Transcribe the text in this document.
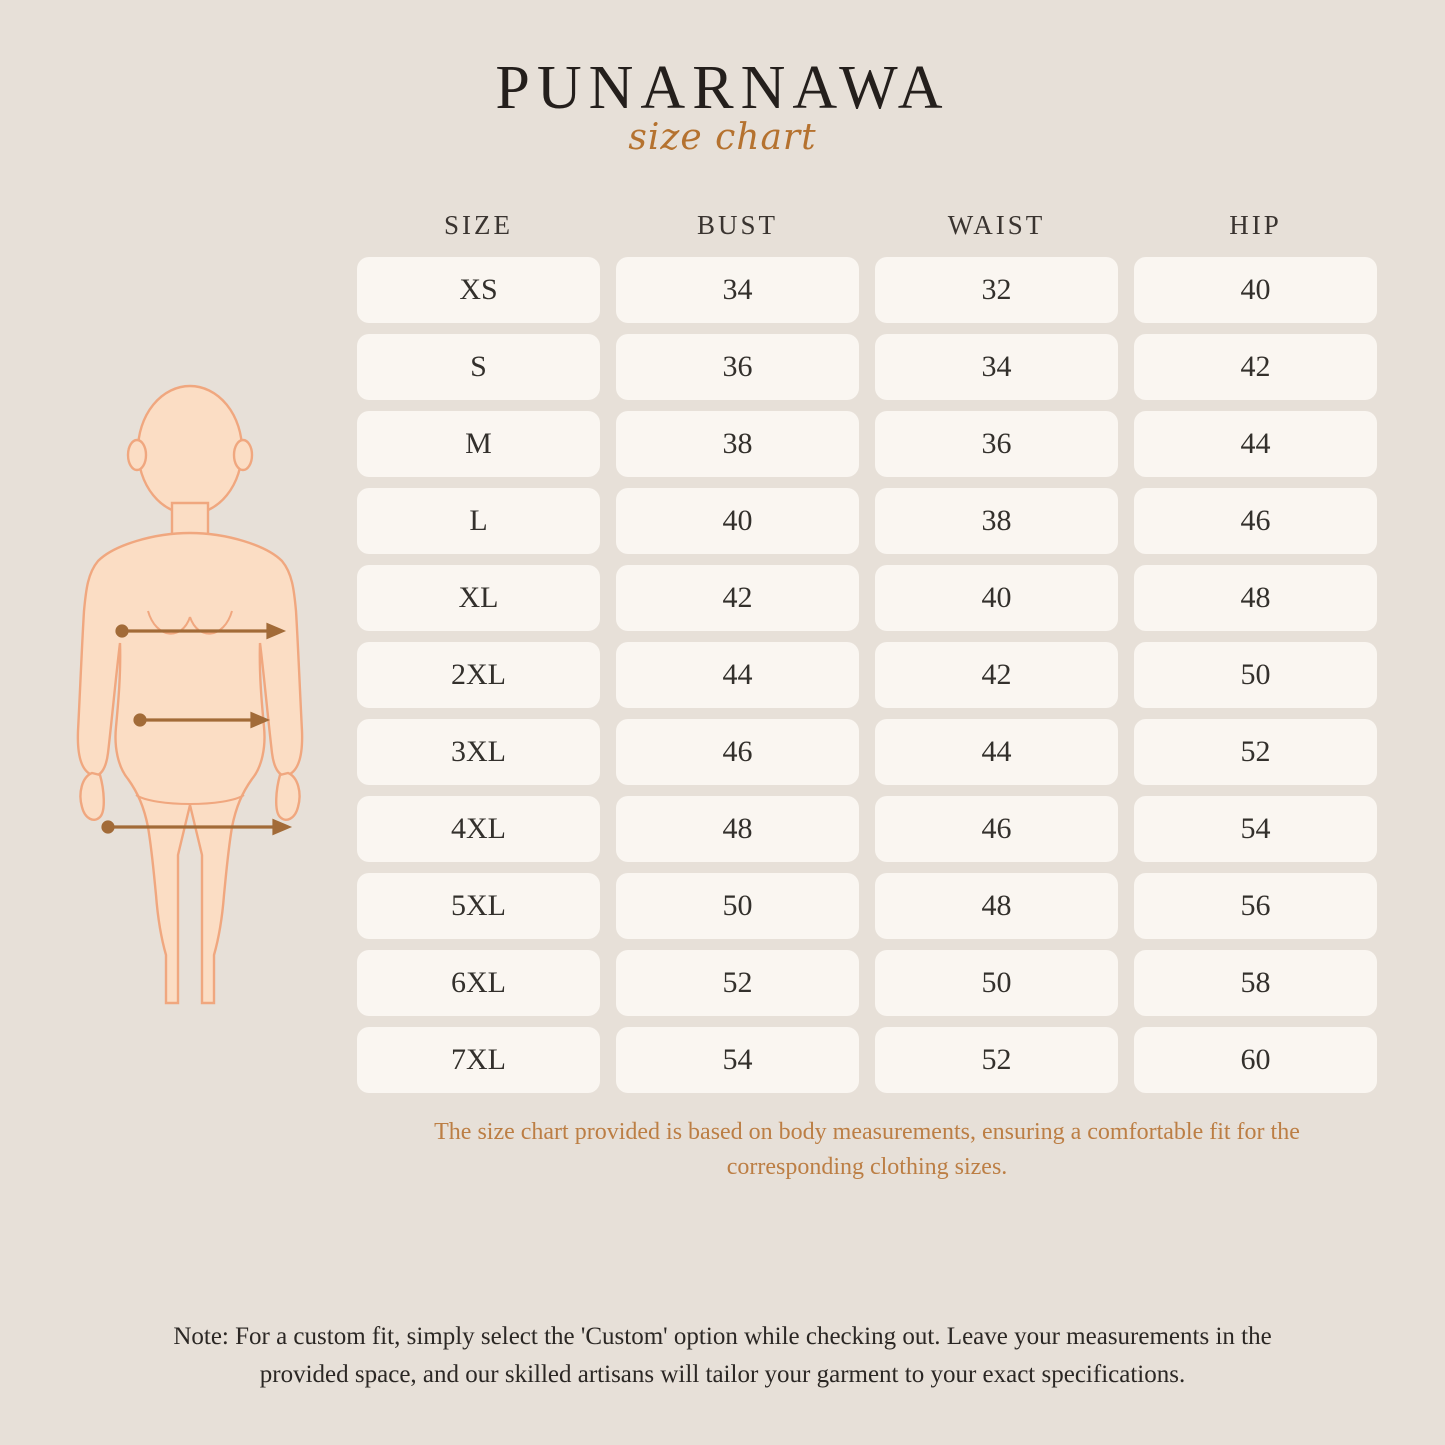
PUNARNAWA
size chart
SIZE	BUST	WAIST	HIP
XS	34	32	40
S	36	34	42
M	38	36	44
L	40	38	46
XL	42	40	48
2XL	44	42	50
3XL	46	44	52
4XL	48	46	54
5XL	50	48	56
6XL	52	50	58
7XL	54	52	60
The size chart provided is based on body measurements, ensuring a comfortable fit for the corresponding clothing sizes.
Note: For a custom fit, simply select the 'Custom' option while checking out. Leave your measurements in the provided space, and our skilled artisans will tailor your garment to your exact specifications.
